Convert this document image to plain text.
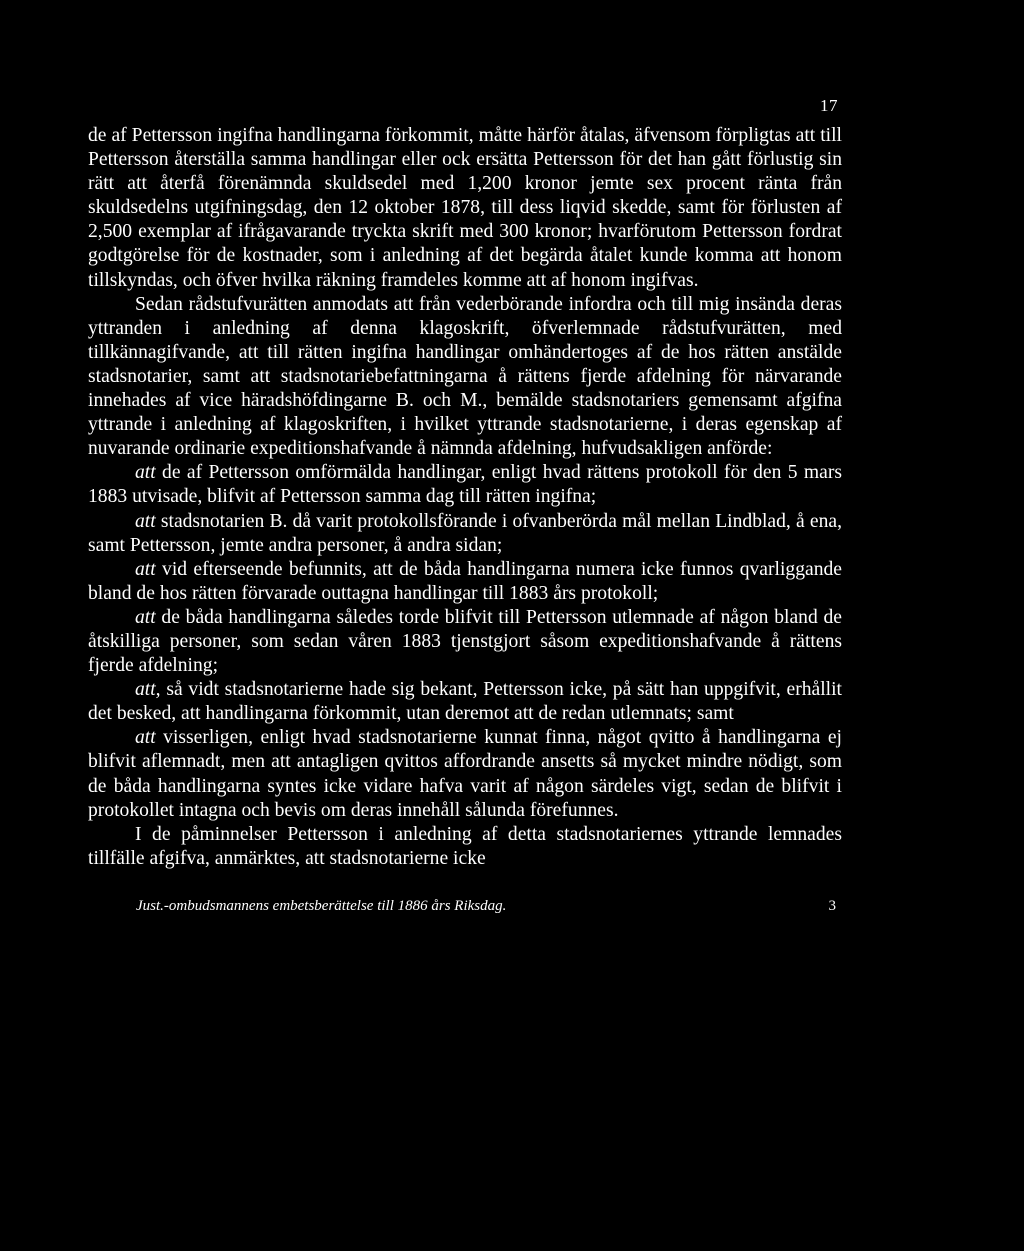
17

de af Pettersson ingifna handlingarna förkommit, måtte härför åtalas, äfvensom förpligtas att till Pettersson återställa samma handlingar eller ock ersätta Pettersson för det han gått förlustig sin rätt att återfå förenämnda skuldsedel med 1,200 kronor jemte sex procent ränta från skuldsedelns utgifningsdag, den 12 oktober 1878, till dess liqvid skedde, samt för förlusten af 2,500 exemplar af ifrågavarande tryckta skrift med 300 kronor; hvarförutom Pettersson fordrat godtgörelse för de kostnader, som i anledning af det begärda åtalet kunde komma att honom tillskyndas, och öfver hvilka räkning framdeles komme att af honom ingifvas.

Sedan rådstufvurätten anmodats att från vederbörande infordra och till mig insända deras yttranden i anledning af denna klagoskrift, öfverlemnade rådstufvurätten, med tillkännagifvande, att till rätten ingifna handlingar omhändertoges af de hos rätten anstälde stadsnotarier, samt att stadsnotariebefattningarna å rättens fjerde afdelning för närvarande innehades af vice häradshöfdingarne B. och M., bemälde stadsnotariers gemensamt afgifna yttrande i anledning af klagoskriften, i hvilket yttrande stadsnotarierne, i deras egenskap af nuvarande ordinarie expeditionshafvande å nämnda afdelning, hufvudsakligen anförde:

att de af Pettersson omförmälda handlingar, enligt hvad rättens protokoll för den 5 mars 1883 utvisade, blifvit af Pettersson samma dag till rätten ingifna;

att stadsnotarien B. då varit protokollsförande i ofvanberörda mål mellan Lindblad, å ena, samt Pettersson, jemte andra personer, å andra sidan;

att vid efterseende befunnits, att de båda handlingarna numera icke funnos qvarliggande bland de hos rätten förvarade outtagna handlingar till 1883 års protokoll;

att de båda handlingarna således torde blifvit till Pettersson utlemnade af någon bland de åtskilliga personer, som sedan våren 1883 tjenstgjort såsom expeditionshafvande å rättens fjerde afdelning;

att, så vidt stadsnotarierne hade sig bekant, Pettersson icke, på sätt han uppgifvit, erhållit det besked, att handlingarna förkommit, utan deremot att de redan utlemnats; samt

att visserligen, enligt hvad stadsnotarierne kunnat finna, något qvitto å handlingarna ej blifvit aflemnadt, men att antagligen qvittos affordrande ansetts så mycket mindre nödigt, som de båda handlingarna syntes icke vidare hafva varit af någon särdeles vigt, sedan de blifvit i protokollet intagna och bevis om deras innehåll sålunda förefunnes.

I de påminnelser Pettersson i anledning af detta stadsnotariernes yttrande lemnades tillfälle afgifva, anmärktes, att stadsnotarierne icke

Just.-ombudsmannens embetsberättelse till 1886 års Riksdag.	3
